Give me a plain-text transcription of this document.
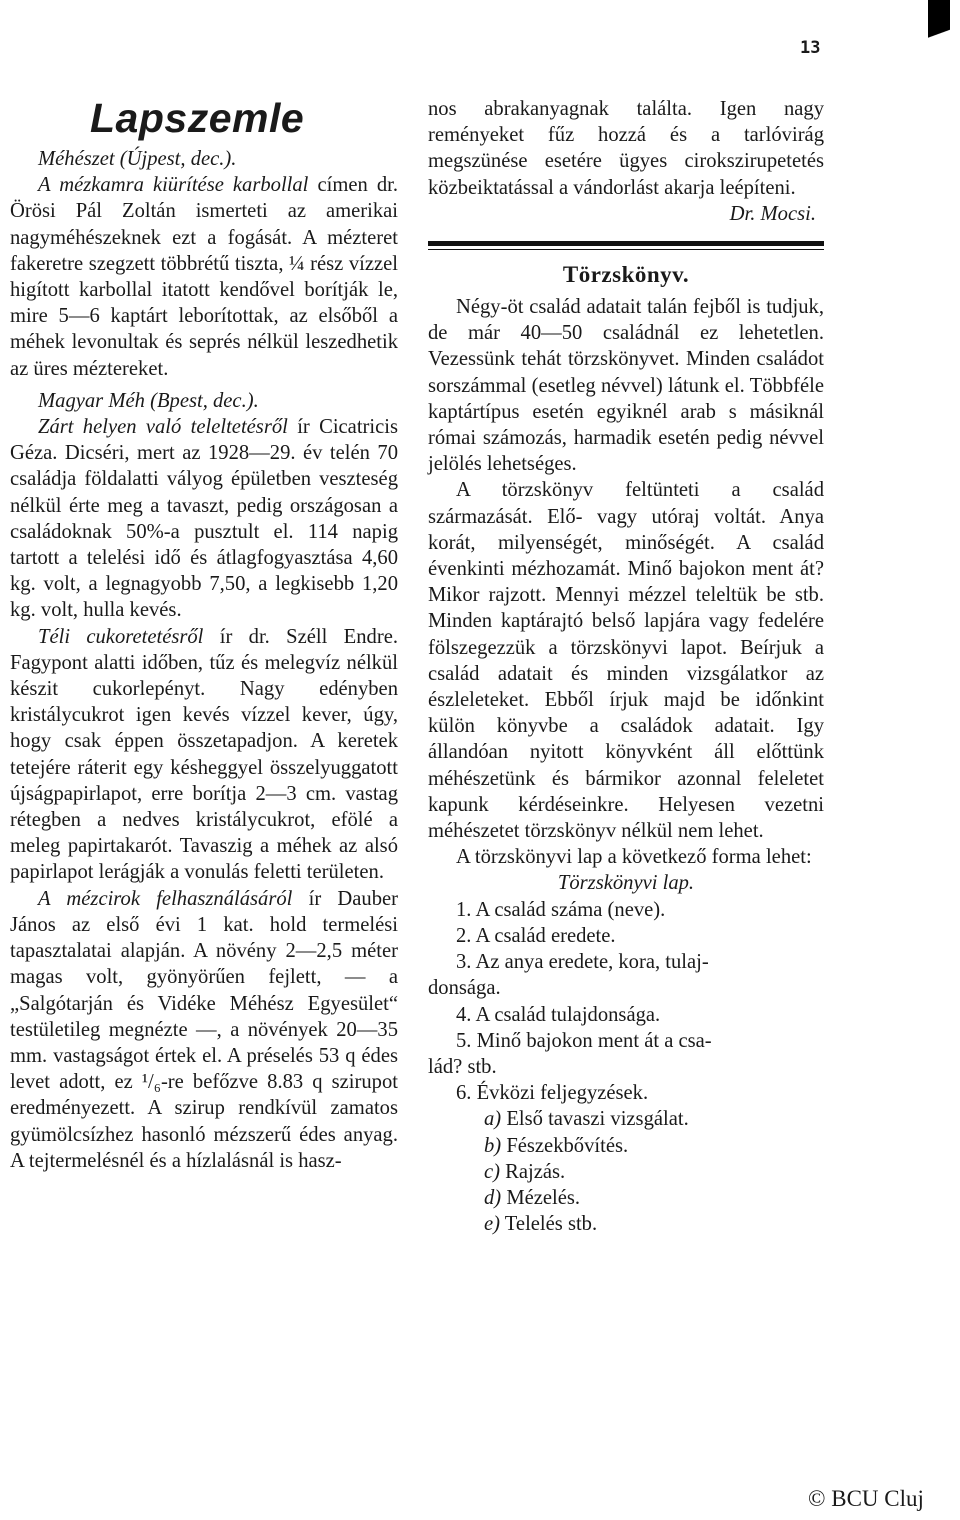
13
Lapszemle

Méhészet (Újpest, dec.).

A mézkamra kiürítése karbollal címen dr. Örösi Pál Zoltán ismerteti az amerikai nagyméhészeknek ezt a fogását. A mézteret fakeretre szegzett többrétű tiszta, ¼ rész vízzel higított karbollal itatott kendővel borítják le, mire 5—6 kaptárt leborítottak, az elsőből a méhek levonultak és seprés nélkül leszedhetik az üres méztereket.

Magyar Méh (Bpest, dec.).

Zárt helyen való teleltetésről ír Cicatricis Géza. Dicséri, mert az 1928—29. év telén 70 családja földalatti vályog épületben veszteség nélkül érte meg a tavaszt, pedig országosan a családoknak 50%-a pusztult el. 114 napig tartott a telelési idő és átlagfogyasztása 4,60 kg. volt, a legnagyobb 7,50, a legkisebb 1,20 kg. volt, hulla kevés.

Téli cukoretetésről ír dr. Széll Endre. Fagypont alatti időben, tűz és melegvíz nélkül készit cukorlepényt. Nagy edényben kristálycukrot igen kevés vízzel kever, úgy, hogy csak éppen összetapadjon. A keretek tetejére ráterit egy késheggyel összelyuggatott újságpapirlapot, erre borítja 2—3 cm. vastag rétegben a nedves kristálycukrot, efölé a meleg papirtakarót. Tavaszig a méhek az alsó papirlapot lerágják a vonulás feletti területen.

A mézcirok felhasználásáról ír Dauber János az első évi 1 kat. hold termelési tapasztalatai alapján. A növény 2—2,5 méter magas volt, gyönyörűen fejlett, — a „Salgótarján és Vidéke Méhész Egyesület“ testületileg megnézte —, a növények 20—35 mm. vastagságot értek el. A préselés 53 q édes levet adott, ez ¹/₆-re befőzve 8.83 q szirupot eredményezett. A szirup rendkívül zamatos gyümölcsízhez hasonló mézszerű édes anyag. A tejtermelésnél és a hízlalásnál is hasz-

nos abrakanyagnak találta. Igen nagy reményeket fűz hozzá és a tarlóvirág megszünése esetére ügyes cirokszirupetetés közbeiktatással a vándorlást akarja leépíteni.

Dr. Mocsi.
Törzskönyv.

Négy-öt család adatait talán fejből is tudjuk, de már 40—50 családnál ez lehetetlen. Vezessünk tehát törzskönyvet. Minden családot sorszámmal (esetleg névvel) látunk el. Többféle kaptártípus esetén egyiknél arab s másiknál római számozás, harmadik esetén pedig névvel jelölés lehetséges.

A törzskönyv feltünteti a család származását. Elő- vagy utóraj voltát. Anya korát, milyenségét, minőségét. A család évenkinti mézhozamát. Minő bajokon ment át? Mikor rajzott. Mennyi mézzel teleltük be stb. Minden kaptárajtó belső lapjára vagy fedelére fölszegezzük a törzskönyvi lapot. Beírjuk a család adatait és minden vizsgálatkor az észleleteket. Ebből írjuk majd be időnkint külön könyvbe a családok adatait. Igy állandóan nyitott könyvként áll előttünk méhészetünk és bármikor azonnal feleletet kapunk kérdéseinkre. Helyesen vezetni méhészetet törzskönyv nélkül nem lehet.

A törzskönyvi lap a következő forma lehet:

Törzskönyvi lap.
1. A család száma (neve).
2. A család eredete.
3. Az anya eredete, kora, tulaj-
donsága.
4. A család tulajdonsága.
5. Minő bajokon ment át a csa-
lád? stb.
6. Évközi feljegyzések.
a) Első tavaszi vizsgálat.
b) Fészekbővítés.
c) Rajzás.
d) Mézelés.
e) Telelés stb.
© BCU Cluj
